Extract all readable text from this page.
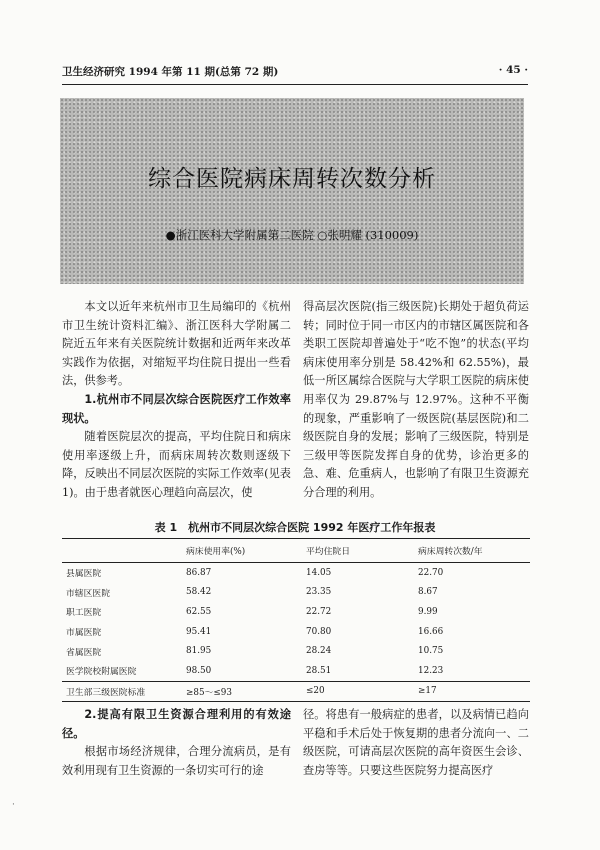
卫生经济研究 1994 年第 11 期(总第 72 期)	· 45 ·
综合医院病床周转次数分析
●浙江医科大学附属第二医院 ○张明耀 (310009)

本文以近年来杭州市卫生局编印的《杭州市卫生统计资料汇编》、浙江医科大学附属二院近五年来有关医院统计数据和近两年来改革实践作为依据，对缩短平均住院日提出一些看法，供参考。

1.杭州市不同层次综合医院医疗工作效率现状。

随着医院层次的提高，平均住院日和病床使用率逐级上升，而病床周转次数则逐级下降，反映出不同层次医院的实际工作效率(见表 1)。由于患者就医心理趋向高层次，使

得高层次医院(指三级医院)长期处于超负荷运转；同时位于同一市区内的市辖区属医院和各类职工医院却普遍处于“吃不饱”的状态(平均病床使用率分别是 58.42%和 62.55%)，最低一所区属综合医院与大学职工医院的病床使用率仅为 29.87%与 12.97%。这种不平衡的现象，严重影响了一级医院(基层医院)和二级医院自身的发展；影响了三级医院，特别是三级甲等医院发挥自身的优势，诊治更多的急、难、危重病人，也影响了有限卫生资源充分合理的利用。

表 1　杭州市不同层次综合医院 1992 年医疗工作年报表
	病床使用率(%)	平均住院日	病床周转次数/年
县属医院	86.87	14.05	22.70
市辖区医院	58.42	23.35	8.67
职工医院	62.55	22.72	9.99
市属医院	95.41	70.80	16.66
省属医院	81.95	28.24	10.75
医学院校附属医院	98.50	28.51	12.23
卫生部三级医院标准	≥85～≤93	≤20	≥17

2.提高有限卫生资源合理利用的有效途径。

根据市场经济规律，合理分流病员，是有效利用现有卫生资源的一条切实可行的途

径。将患有一般病症的患者，以及病情已趋向平稳和手术后处于恢复期的患者分流向一、二级医院，可请高层次医院的高年资医生会诊、查房等等。只要这些医院努力提高医疗

·
